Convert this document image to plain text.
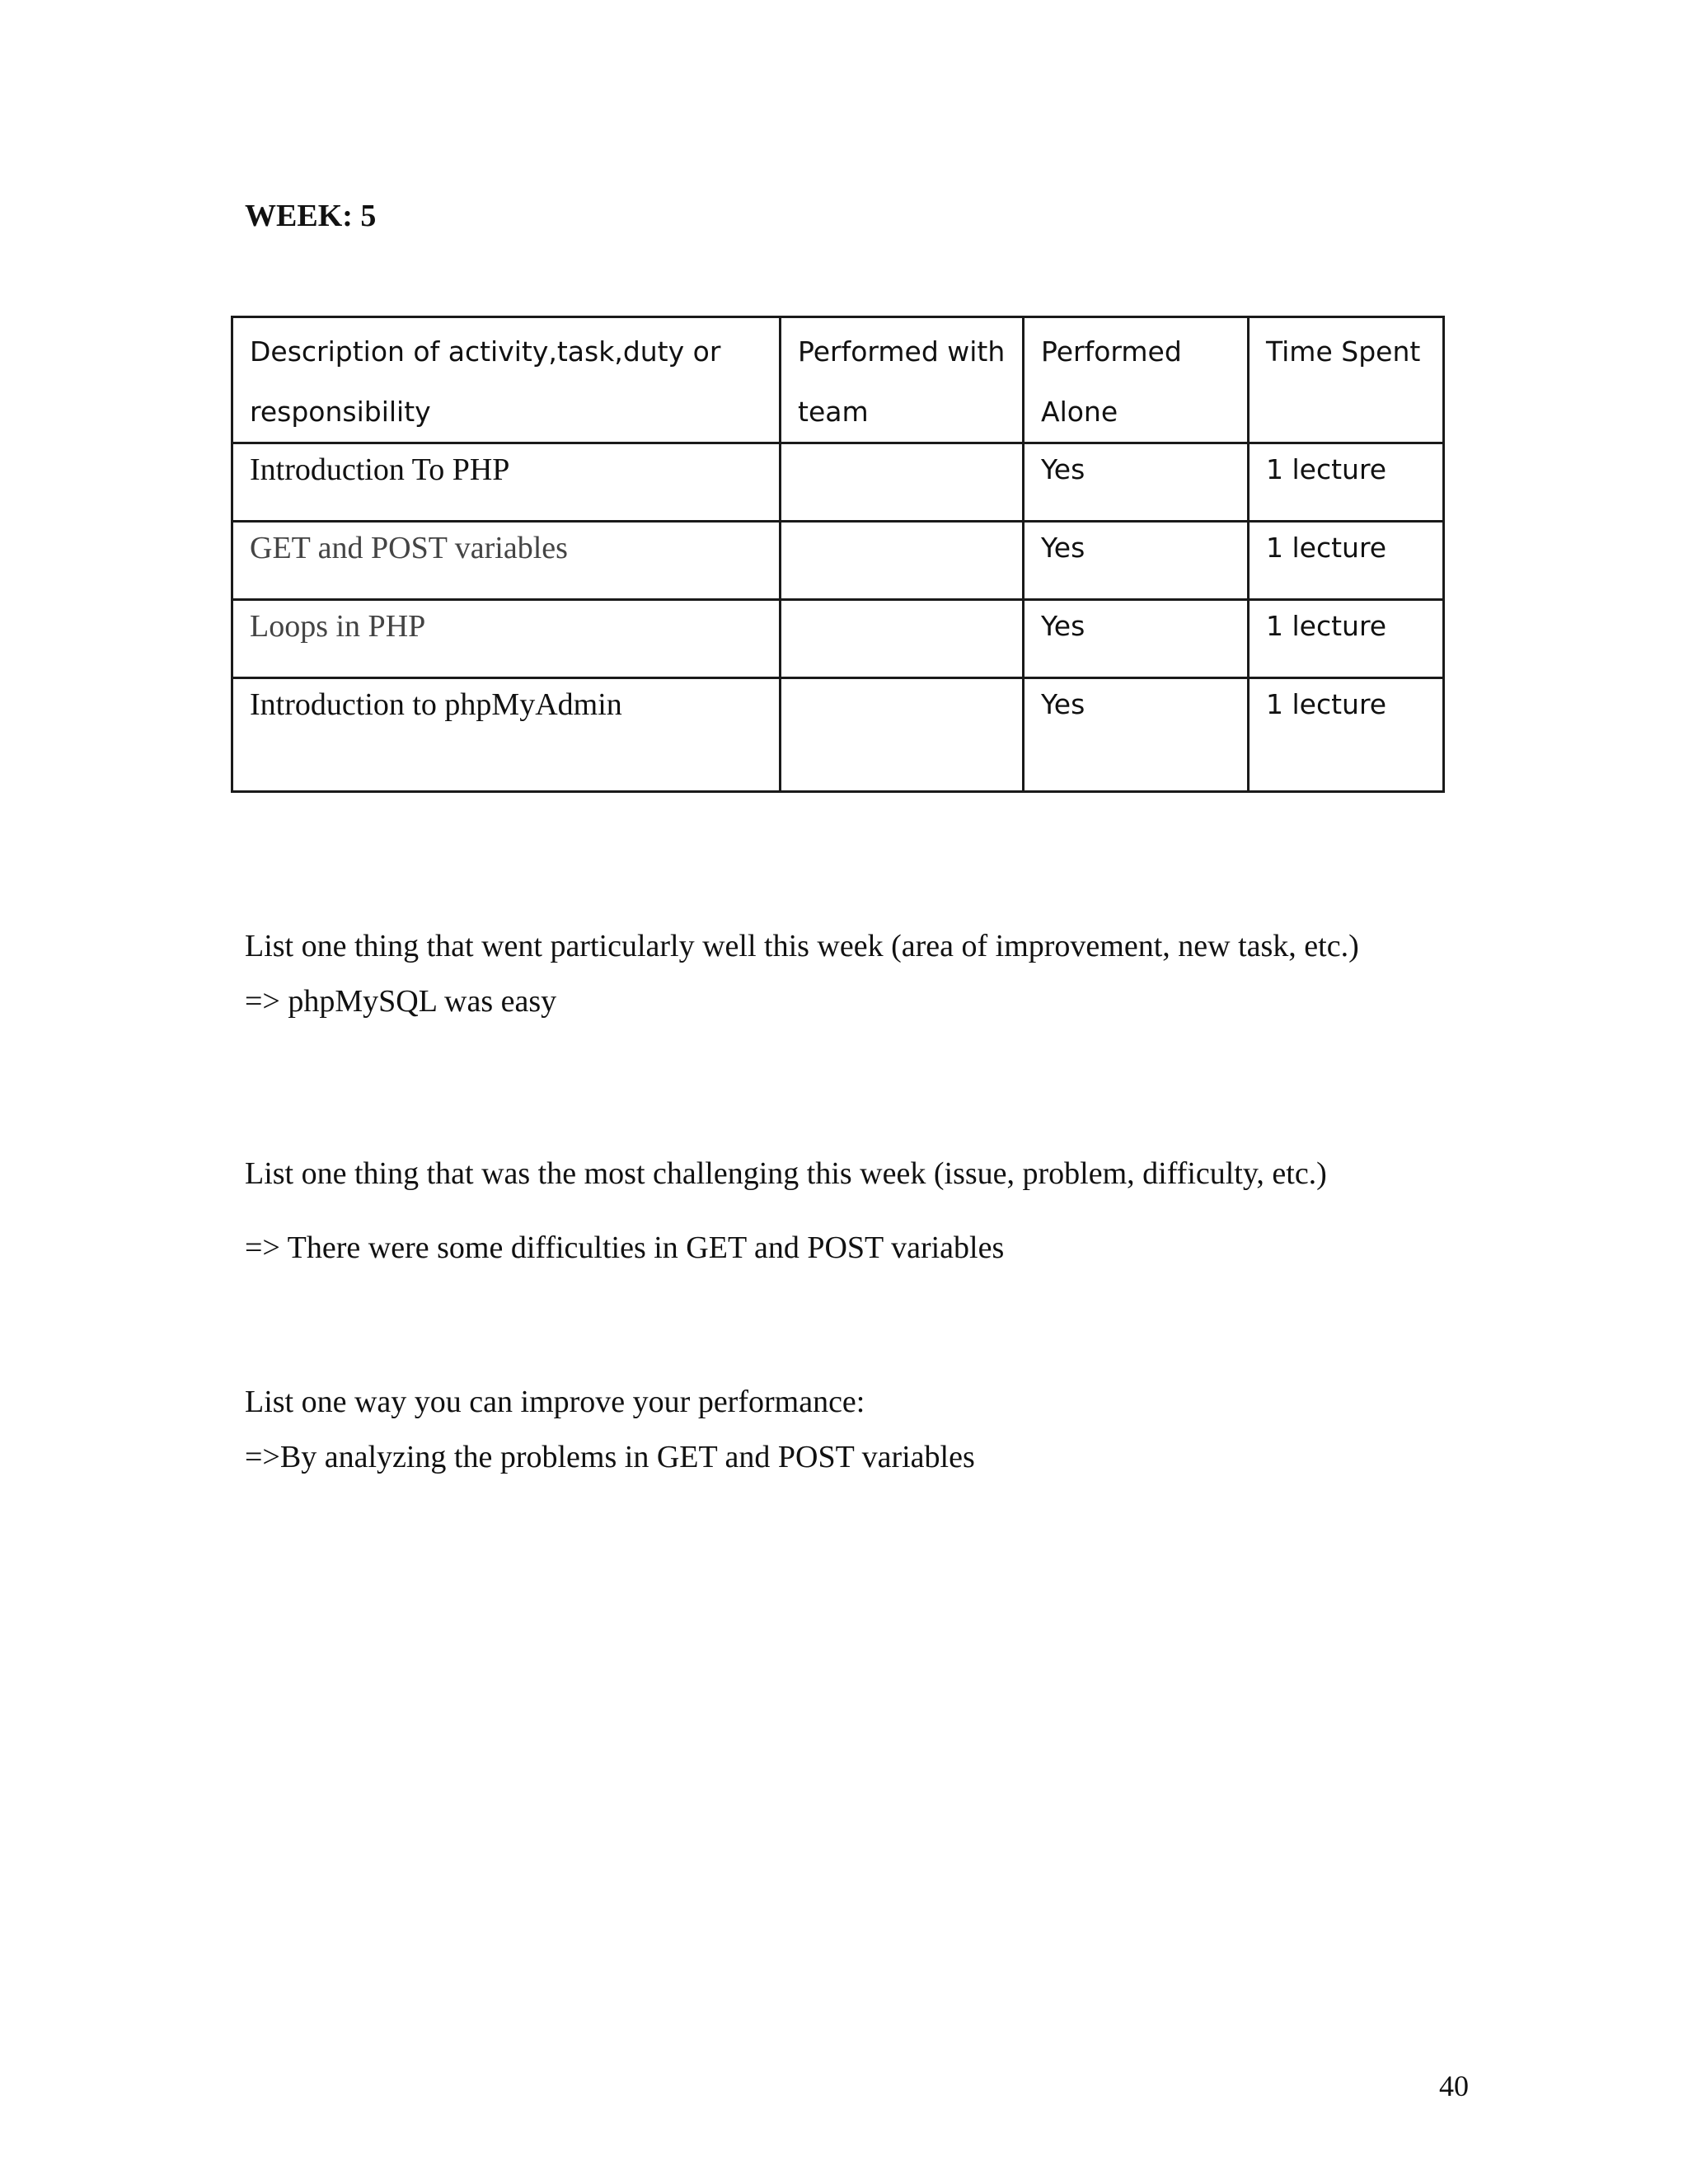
WEEK: 5
Description of activity,task,duty or responsibility	Performed with team	Performed Alone	Time Spent
Introduction To PHP		Yes	1 lecture
GET and POST variables		Yes	1 lecture
Loops in PHP		Yes	1 lecture
Introduction to phpMyAdmin		Yes	1 lecture

List one thing that went particularly well this week (area of improvement, new task, etc.)

=> phpMySQL was easy

List one thing that was the most challenging this week (issue, problem, difficulty, etc.)

=> There were some difficulties in GET and POST variables

List one way you can improve your performance:

=>By analyzing the problems in GET and POST variables

40
